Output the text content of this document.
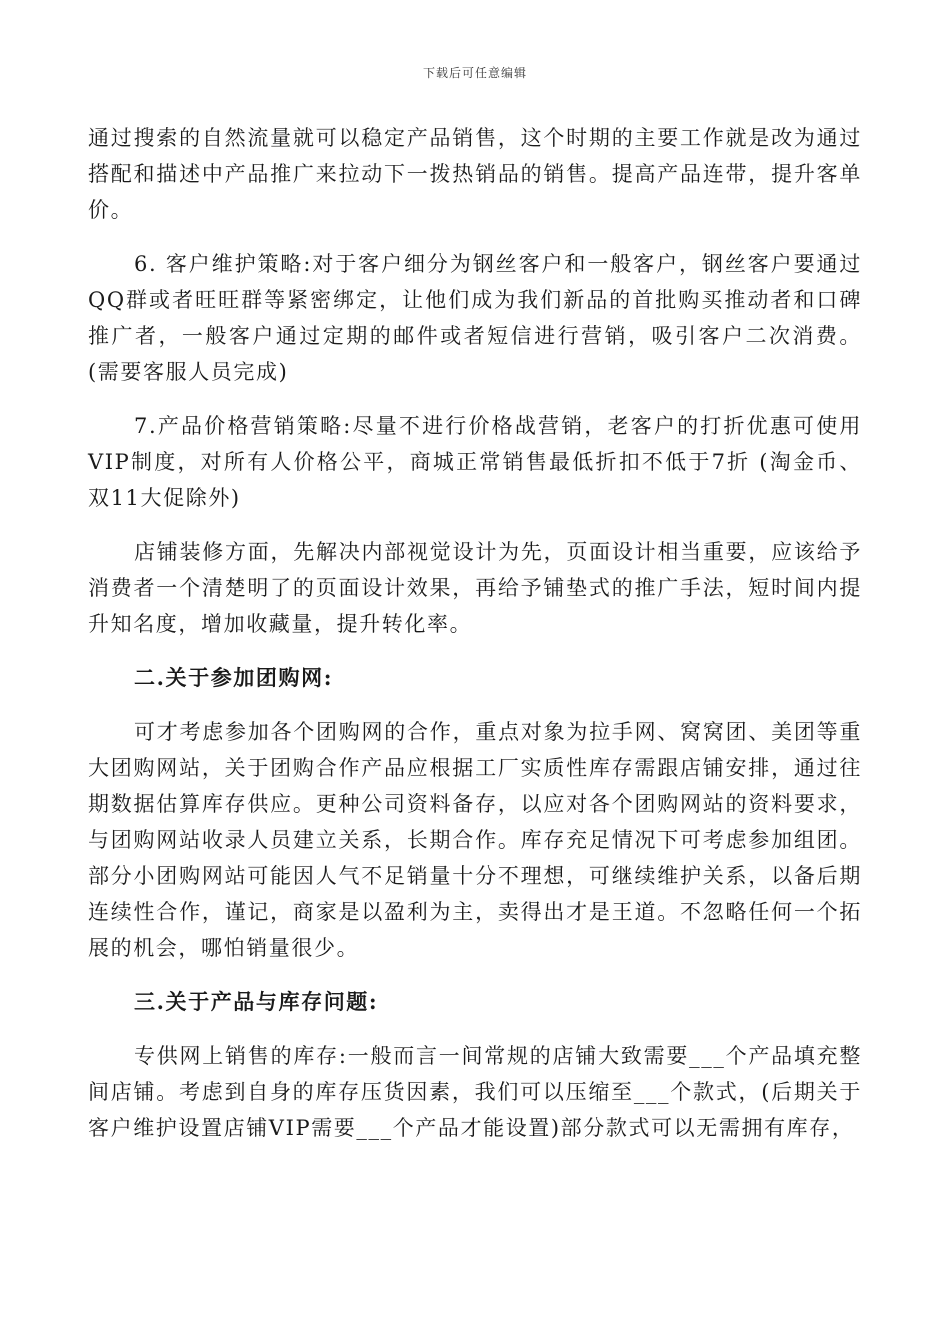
下载后可任意编辑

通过搜索的自然流量就可以稳定产品销售，这个时期的主要工作就是改为通过搭配和描述中产品推广来拉动下一拨热销品的销售。提高产品连带，提升客单价。

6. 客户维护策略:对于客户细分为钢丝客户和一般客户，钢丝客户要通过QQ群或者旺旺群等紧密绑定，让他们成为我们新品的首批购买推动者和口碑推广者，一般客户通过定期的邮件或者短信进行营销，吸引客户二次消费。(需要客服人员完成)

7.产品价格营销策略:尽量不进行价格战营销，老客户的打折优惠可使用VIP制度，对所有人价格公平，商城正常销售最低折扣不低于7折 (淘金币、双11大促除外)

店铺装修方面，先解决内部视觉设计为先，页面设计相当重要，应该给予消费者一个清楚明了的页面设计效果，再给予铺垫式的推广手法，短时间内提升知名度，增加收藏量，提升转化率。

二.关于参加团购网:

可才考虑参加各个团购网的合作，重点对象为拉手网、窝窝团、美团等重大团购网站，关于团购合作产品应根据工厂实质性库存需跟店铺安排，通过往期数据估算库存供应。更种公司资料备存，以应对各个团购网站的资料要求，与团购网站收录人员建立关系，长期合作。库存充足情况下可考虑参加组团。部分小团购网站可能因人气不足销量十分不理想，可继续维护关系，以备后期连续性合作，谨记，商家是以盈利为主，卖得出才是王道。不忽略任何一个拓展的机会，哪怕销量很少。

三.关于产品与库存问题:

专供网上销售的库存:一般而言一间常规的店铺大致需要___个产品填充整间店铺。考虑到自身的库存压货因素，我们可以压缩至___个款式，(后期关于客户维护设置店铺VIP需要___个产品才能设置)部分款式可以无需拥有库存，
